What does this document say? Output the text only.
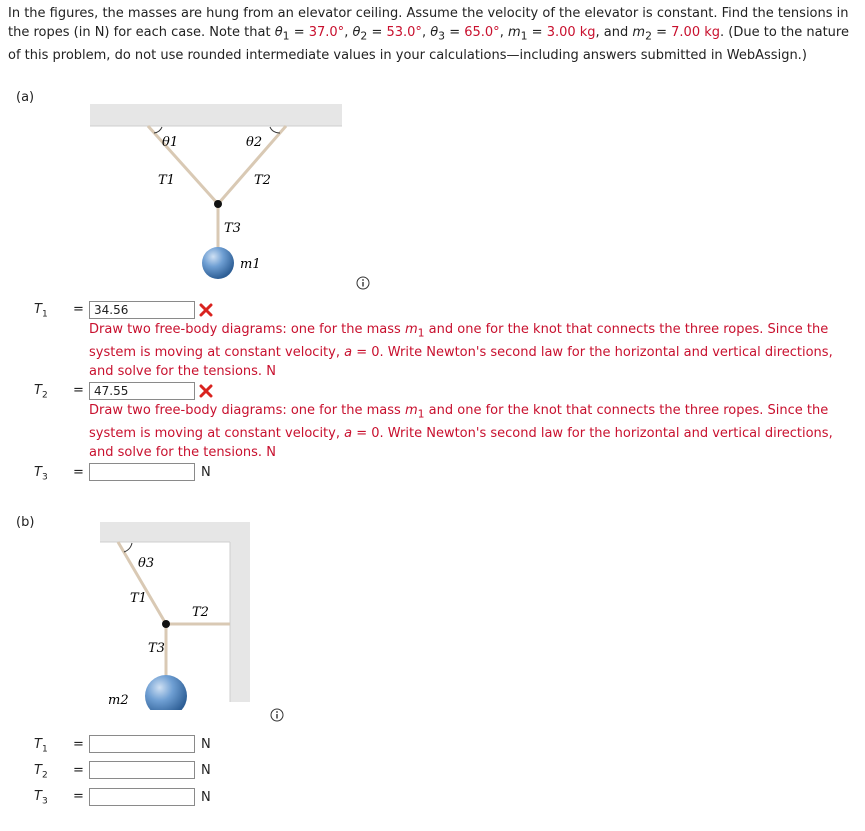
In the figures, the masses are hung from an elevator ceiling. Assume the velocity of the elevator is constant. Find the tensions in the ropes (in N) for each case. Note that $\theta_1 = 37.0^\circ$, $\theta_2 = 53.0^\circ$, $\theta_3 = 65.0^\circ$, $m_1 = 3.00$ kg, and $m_2 = 7.00$ kg. (Due to the nature of this problem, do not use rounded intermediate values in your calculations—including answers submitted in WebAssign.)
(a)
θ1	θ2
T1	T2
T3
m1
$T_1 = 34.56$
Draw two free-body diagrams: one for the mass $m_1$ and one for the knot that connects the three ropes. Since the system is moving at constant velocity, a = 0. Write Newton's second law for the horizontal and vertical directions, and solve for the tensions. N
$T_2 = 47.55$
Draw two free-body diagrams: one for the mass $m_1$ and one for the knot that connects the three ropes. Since the system is moving at constant velocity, a = 0. Write Newton's second law for the horizontal and vertical directions, and solve for the tensions. N
$T_3$ =	N
(b)
θ3
T1
T2
T3
m2
$T_1$ =	N
$T_2$ =	N
$T_3$ =	N
